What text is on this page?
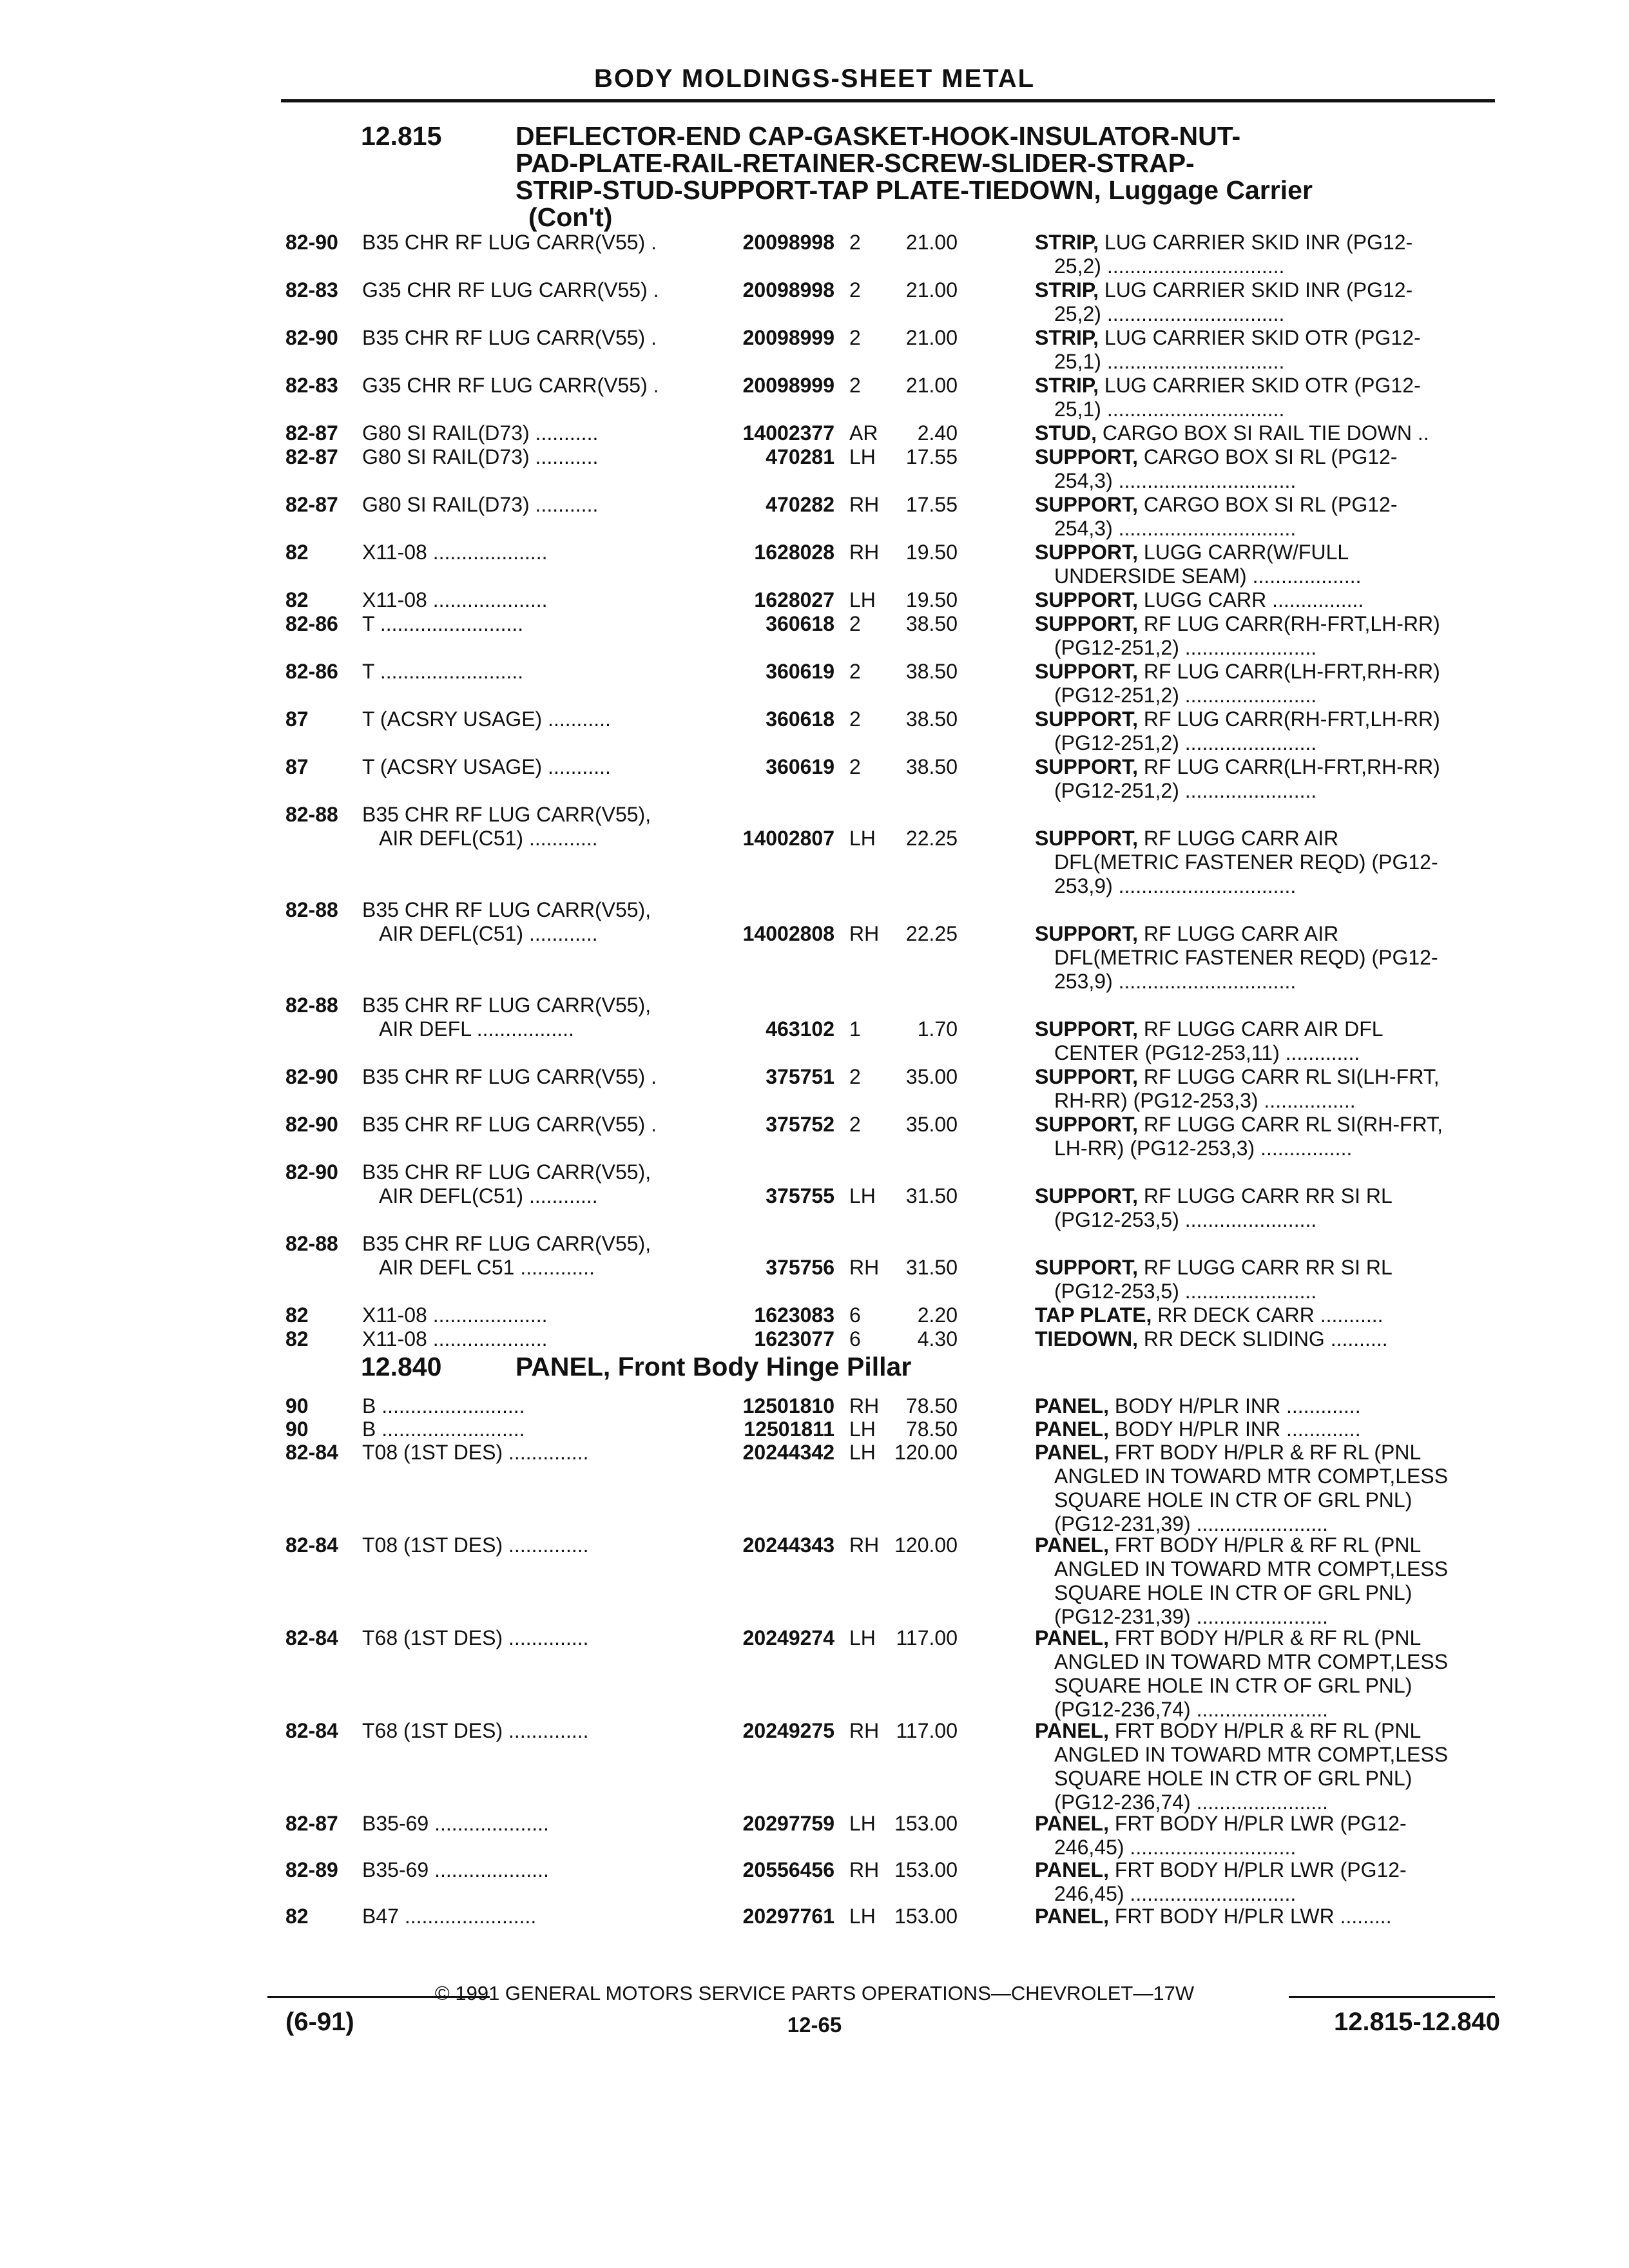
BODY MOLDINGS-SHEET METAL
12.815	DEFLECTOR-END CAP-GASKET-HOOK-INSULATOR-NUT-
PAD-PLATE-RAIL-RETAINER-SCREW-SLIDER-STRAP-
STRIP-STUD-SUPPORT-TAP PLATE-TIEDOWN, Luggage Carrier
(Con't)
82-90 B35 CHR RF LUG CARR(V55) .	20098998 2 21.00	STRIP, LUG CARRIER SKID INR (PG12-
25,2) ...............................
82-83 G35 CHR RF LUG CARR(V55) .	20098998 2 21.00	STRIP, LUG CARRIER SKID INR (PG12-
25,2) ...............................
82-90 B35 CHR RF LUG CARR(V55) .	20098999 2 21.00	STRIP, LUG CARRIER SKID OTR (PG12-
25,1) ...............................
82-83 G35 CHR RF LUG CARR(V55) .	20098999 2 21.00	STRIP, LUG CARRIER SKID OTR (PG12-
25,1) ...............................
82-87 G80 SI RAIL(D73) ...........	14002377 AR 2.40	STUD, CARGO BOX SI RAIL TIE DOWN ..
82-87 G80 SI RAIL(D73) ...........	470281 LH 17.55	SUPPORT, CARGO BOX SI RL (PG12-
254,3) ...............................
82-87 G80 SI RAIL(D73) ...........	470282 RH 17.55	SUPPORT, CARGO BOX SI RL (PG12-
254,3) ...............................
82	X11-08 ....................	1628028 RH 19.50	SUPPORT, LUGG CARR(W/FULL
UNDERSIDE SEAM) ...................
82	X11-08 ....................	1628027 LH 19.50	SUPPORT, LUGG CARR ................
82-86 T .........................	360618 2 38.50	SUPPORT, RF LUG CARR(RH-FRT,LH-RR)
(PG12-251,2) .......................
82-86 T .........................	360619 2 38.50	SUPPORT, RF LUG CARR(LH-FRT,RH-RR)
(PG12-251,2) .......................
87	T (ACSRY USAGE) ...........	360618 2 38.50	SUPPORT, RF LUG CARR(RH-FRT,LH-RR)
(PG12-251,2) .......................
87	T (ACSRY USAGE) ...........	360619 2 38.50	SUPPORT, RF LUG CARR(LH-FRT,RH-RR)
(PG12-251,2) .......................
82-88 B35 CHR RF LUG CARR(V55),
AIR DEFL(C51) ............	14002807 LH 22.25	SUPPORT, RF LUGG CARR AIR
DFL(METRIC FASTENER REQD) (PG12-
253,9) ...............................
82-88 B35 CHR RF LUG CARR(V55),
AIR DEFL(C51) ............	14002808 RH 22.25	SUPPORT, RF LUGG CARR AIR
DFL(METRIC FASTENER REQD) (PG12-
253,9) ...............................
82-88 B35 CHR RF LUG CARR(V55),
AIR DEFL .................	463102 1	1.70	SUPPORT, RF LUGG CARR AIR DFL
CENTER (PG12-253,11) .............
82-90 B35 CHR RF LUG CARR(V55) .	375751 2 35.00	SUPPORT, RF LUGG CARR RL SI(LH-FRT,
RH-RR) (PG12-253,3) ................
82-90 B35 CHR RF LUG CARR(V55) .	375752 2 35.00	SUPPORT, RF LUGG CARR RL SI(RH-FRT,
LH-RR) (PG12-253,3) ................
82-90 B35 CHR RF LUG CARR(V55),
AIR DEFL(C51) ............	375755 LH 31.50	SUPPORT, RF LUGG CARR RR SI RL
(PG12-253,5) .......................
82-88 B35 CHR RF LUG CARR(V55),
AIR DEFL C51 .............	375756 RH 31.50	SUPPORT, RF LUGG CARR RR SI RL
(PG12-253,5) .......................
82	X11-08 ....................	1623083 6	2.20	TAP PLATE, RR DECK CARR ...........
82	X11-08 ....................	1623077 6	4.30	TIEDOWN, RR DECK SLIDING ..........
12.840	PANEL, Front Body Hinge Pillar
90	B .........................	12501810 RH 78.50	PANEL, BODY H/PLR INR .............
90	B .........................	12501811 LH 78.50	PANEL, BODY H/PLR INR .............
82-84 T08 (1ST DES) ..............	20244342 LH 120.00	PANEL, FRT BODY H/PLR & RF RL (PNL
ANGLED IN TOWARD MTR COMPT,LESS
SQUARE HOLE IN CTR OF GRL PNL)
(PG12-231,39) .......................
82-84 T08 (1ST DES) ..............	20244343 RH 120.00	PANEL, FRT BODY H/PLR & RF RL (PNL
ANGLED IN TOWARD MTR COMPT,LESS
SQUARE HOLE IN CTR OF GRL PNL)
(PG12-231,39) .......................
82-84 T68 (1ST DES) ..............	20249274 LH 117.00	PANEL, FRT BODY H/PLR & RF RL (PNL
ANGLED IN TOWARD MTR COMPT,LESS
SQUARE HOLE IN CTR OF GRL PNL)
(PG12-236,74) .......................
82-84 T68 (1ST DES) ..............	20249275 RH 117.00	PANEL, FRT BODY H/PLR & RF RL (PNL
ANGLED IN TOWARD MTR COMPT,LESS
SQUARE HOLE IN CTR OF GRL PNL)
(PG12-236,74) .......................
82-87 B35-69 ....................	20297759 LH 153.00	PANEL, FRT BODY H/PLR LWR (PG12-
246,45) .............................
82-89 B35-69 ....................	20556456 RH 153.00	PANEL, FRT BODY H/PLR LWR (PG12-
246,45) .............................
82	B47 .......................	20297761 LH 153.00	PANEL, FRT BODY H/PLR LWR .........
© 1991 GENERAL MOTORS SERVICE PARTS OPERATIONS—CHEVROLET—17W
(6-91)	12-65	12.815-12.840
